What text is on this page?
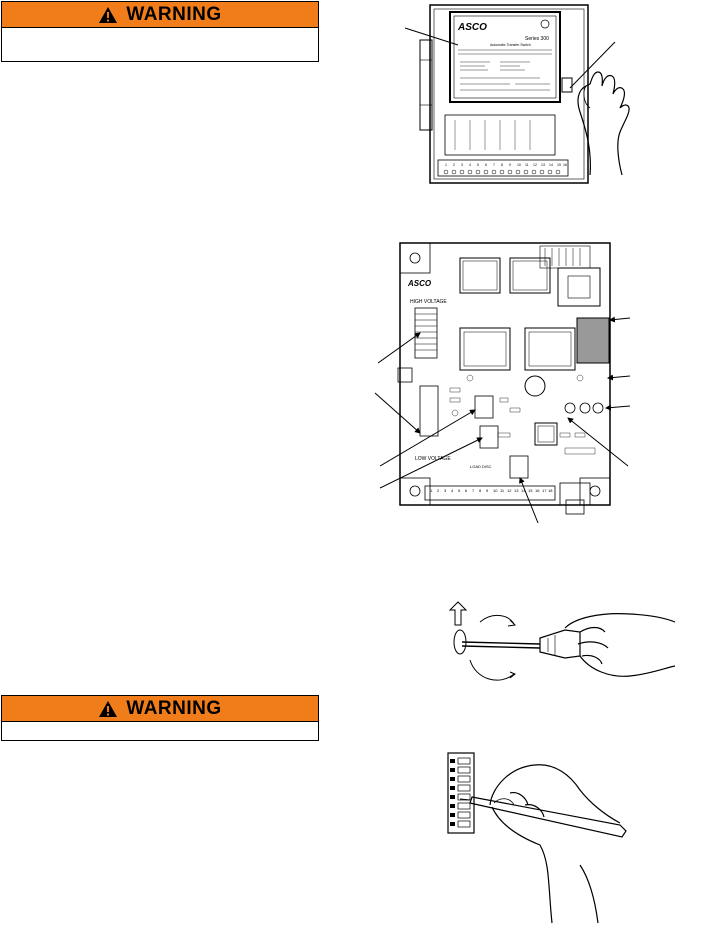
WARNING
WARNING
ASCO
Series 300
Automatic Transfer Switch
1 2 3 4 5 6 7 8 9 10 11 12 13 14 15 16
ASCO
HIGH VOLTAGE
LOW VOLTAGE
LOAD DISC
1 2 3 4 5 6 7 8 9 10 11 12 13 14 15 16 17 18
